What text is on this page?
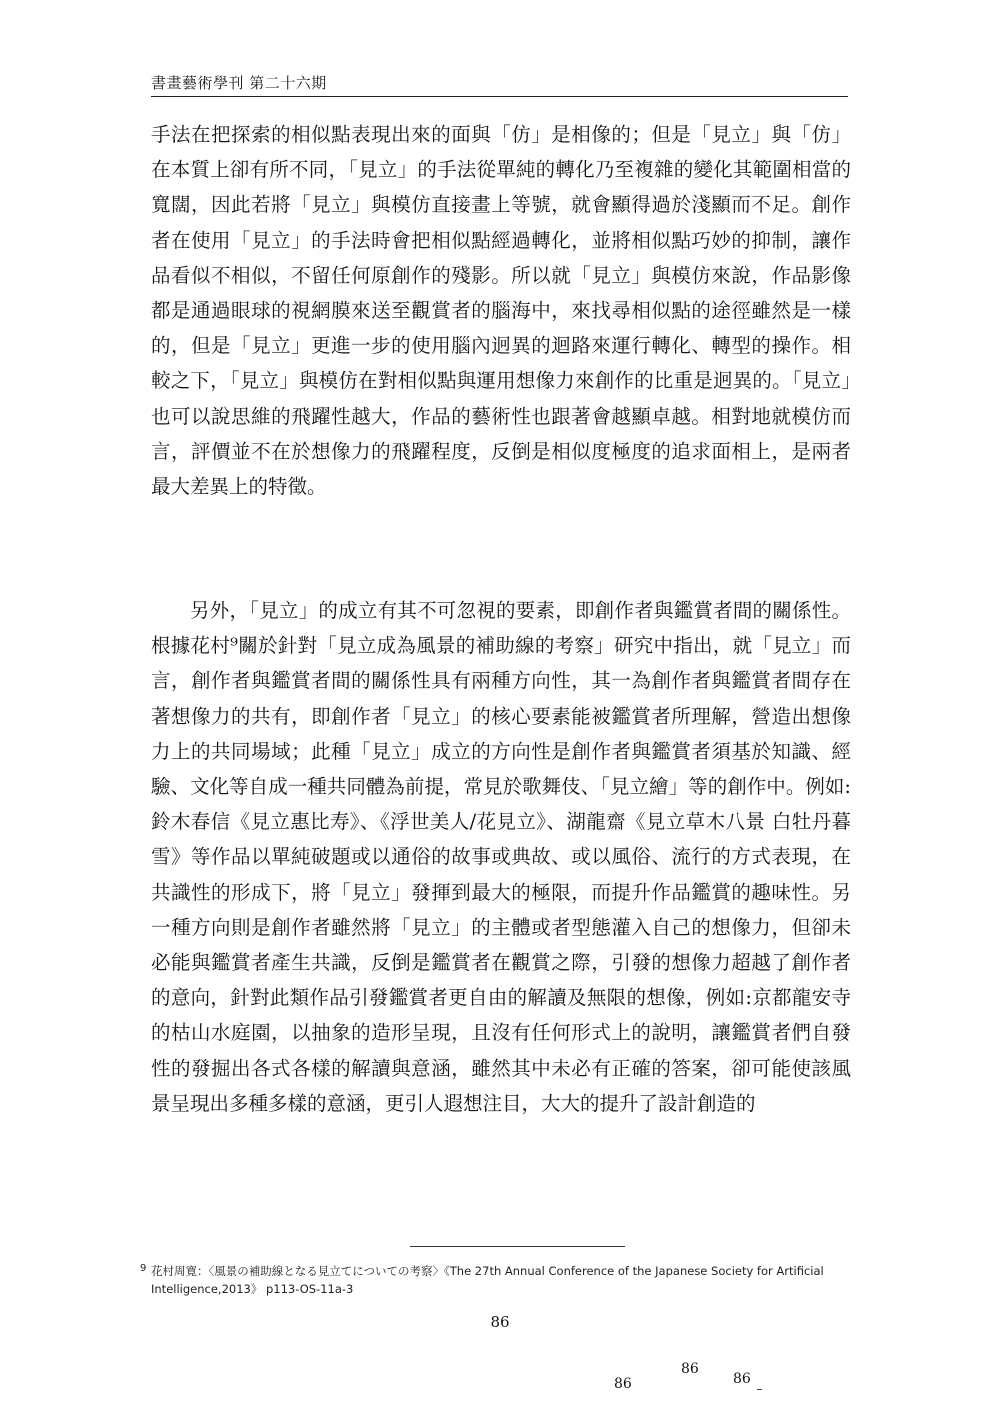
書畫藝術學刊 第二十六期

手法在把探索的相似點表現出來的面與「仿」是相像的；但是「見立」與「仿」在本質上卻有所不同，「見立」的手法從單純的轉化乃至複雜的變化其範圍相當的寬闊，因此若將「見立」與模仿直接畫上等號，就會顯得過於淺顯而不足。創作者在使用「見立」的手法時會把相似點經過轉化，並將相似點巧妙的抑制，讓作品看似不相似，不留任何原創作的殘影。所以就「見立」與模仿來說，作品影像都是通過眼球的視網膜來送至觀賞者的腦海中，來找尋相似點的途徑雖然是一樣的，但是「見立」更進一步的使用腦內迥異的迴路來運行轉化、轉型的操作。相較之下，「見立」與模仿在對相似點與運用想像力來創作的比重是迥異的。「見立」也可以說思維的飛躍性越大，作品的藝術性也跟著會越顯卓越。相對地就模仿而言，評價並不在於想像力的飛躍程度，反倒是相似度極度的追求面相上，是兩者最大差異上的特徵。

另外，「見立」的成立有其不可忽視的要素，即創作者與鑑賞者間的關係性。根據花村⁹關於針對「見立成為風景的補助線的考察」研究中指出，就「見立」而言，創作者與鑑賞者間的關係性具有兩種方向性，其一為創作者與鑑賞者間存在著想像力的共有，即創作者「見立」的核心要素能被鑑賞者所理解，營造出想像力上的共同場域；此種「見立」成立的方向性是創作者與鑑賞者須基於知識、經驗、文化等自成一種共同體為前提，常見於歌舞伎、「見立繪」等的創作中。例如:鈴木春信《見立惠比寿》、《浮世美人/花見立》、湖龍齋《見立草木八景 白牡丹暮雪》等作品以單純破題或以通俗的故事或典故、或以風俗、流行的方式表現，在共識性的形成下，將「見立」發揮到最大的極限，而提升作品鑑賞的趣味性。另一種方向則是創作者雖然將「見立」的主體或者型態灌入自己的想像力，但卻未必能與鑑賞者產生共識，反倒是鑑賞者在觀賞之際，引發的想像力超越了創作者的意向，針對此類作品引發鑑賞者更自由的解讀及無限的想像，例如:京都龍安寺的枯山水庭園，以抽象的造形呈現，且沒有任何形式上的說明，讓鑑賞者們自發性的發掘出各式各樣的解讀與意涵，雖然其中未必有正確的答案，卻可能使該風景呈現出多種多樣的意涵，更引人遐想注目，大大的提升了設計創造的

9 花村周寛：〈風景の補助線となる見立てについての考察〉《The 27th Annual Conference of the Japanese Society for Artificial Intelligence,2013》 p113-OS-11a-3
86
86
86
86
